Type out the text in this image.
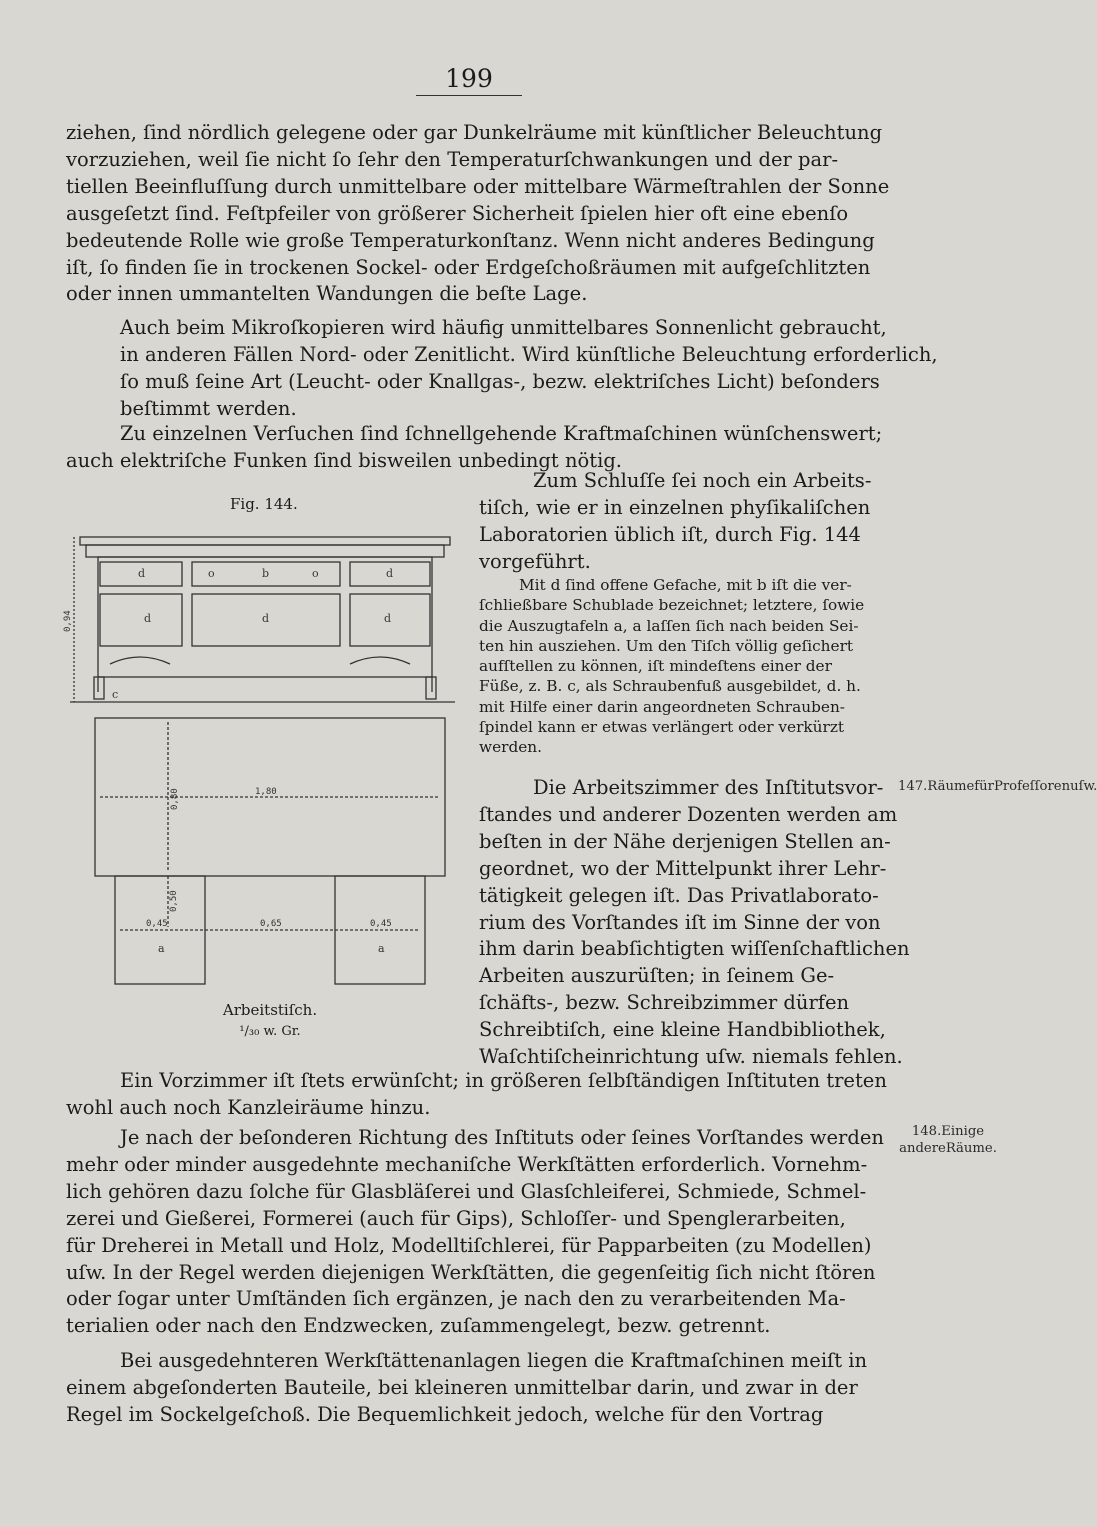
199
ziehen, ſind nördlich gelegene oder gar Dunkelräume mit künſtlicher Beleuchtung
vorzuziehen, weil ſie nicht ſo ſehr den Temperaturſchwankungen und der par-
tiellen Beeinfluſſung durch unmittelbare oder mittelbare Wärmeſtrahlen der Sonne
ausgeſetzt ſind. Feſtpfeiler von größerer Sicherheit ſpielen hier oft eine ebenſo
bedeutende Rolle wie große Temperaturkonſtanz. Wenn nicht anderes Bedingung
iſt, ſo finden ſie in trockenen Sockel- oder Erdgeſchoßräumen mit aufgeſchlitzten
oder innen ummantelten Wandungen die beſte Lage.
Auch beim Mikroſkopieren wird häufig unmittelbares Sonnenlicht gebraucht,
in anderen Fällen Nord- oder Zenitlicht. Wird künſtliche Beleuchtung erforderlich,
ſo muß ſeine Art (Leucht- oder Knallgas-, bezw. elektriſches Licht) beſonders
beſtimmt werden.
Zu einzelnen Verſuchen ſind ſchnellgehende Kraftmaſchinen wünſchenswert;
auch elektriſche Funken ſind bisweilen unbedingt nötig.
Zum Schluſſe ſei noch ein Arbeits-
tiſch, wie er in einzelnen phyſikaliſchen
Laboratorien üblich iſt, durch Fig. 144
vorgeführt.
Mit d ſind offene Gefache, mit b iſt die ver-
ſchließbare Schublade bezeichnet; letztere, ſowie
die Auszugtafeln a, a laſſen ſich nach beiden Sei-
ten hin ausziehen. Um den Tiſch völlig geſichert
aufſtellen zu können, iſt mindeſtens einer der
Füße, z. B. c, als Schraubenfuß ausgebildet, d. h.
mit Hilfe einer darin angeordneten Schrauben-
ſpindel kann er etwas verlängert oder verkürzt
werden.
Die Arbeitszimmer des Inſtitutsvor-
ſtandes und anderer Dozenten werden am
beſten in der Nähe derjenigen Stellen an-
geordnet, wo der Mittelpunkt ihrer Lehr-
tätigkeit gelegen iſt. Das Privatlaborato-
rium des Vorſtandes iſt im Sinne der von
ihm darin beabſichtigten wiſſenſchaftlichen
Arbeiten auszurüſten; in ſeinem Ge-
ſchäfts-, bezw. Schreibzimmer dürfen
Schreibtiſch, eine kleine Handbibliothek,
Waſchtiſcheinrichtung uſw. niemals fehlen.
Fig. 144.
d	o	b	o	d
d	d	d
c
a	a
0,94
1,80
0,80
0,50
0,45	0,65	0,45
Arbeitstiſch.
¹/₃₀ w. Gr.
Ein Vorzimmer iſt ſtets erwünſcht; in größeren ſelbſtändigen Inſtituten treten
wohl auch noch Kanzleiräume hinzu.
Je nach der beſonderen Richtung des Inſtituts oder ſeines Vorſtandes werden
mehr oder minder ausgedehnte mechaniſche Werkſtätten erforderlich. Vornehm-
lich gehören dazu ſolche für Glasbläſerei und Glasſchleiferei, Schmiede, Schmel-
zerei und Gießerei, Formerei (auch für Gips), Schloſſer- und Spenglerarbeiten,
für Dreherei in Metall und Holz, Modelltiſchlerei, für Papparbeiten (zu Modellen)
uſw. In der Regel werden diejenigen Werkſtätten, die gegenſeitig ſich nicht ſtören
oder ſogar unter Umſtänden ſich ergänzen, je nach den zu verarbeitenden Ma-
terialien oder nach den Endzwecken, zuſammengelegt, bezw. getrennt.
Bei ausgedehnteren Werkſtättenanlagen liegen die Kraftmaſchinen meiſt in
einem abgeſonderten Bauteile, bei kleineren unmittelbar darin, und zwar in der
Regel im Sockelgeſchoß. Die Bequemlichkeit jedoch, welche für den Vortrag
147.RäumefürProfeſſorenuſw.
148.Einige andereRäume.
